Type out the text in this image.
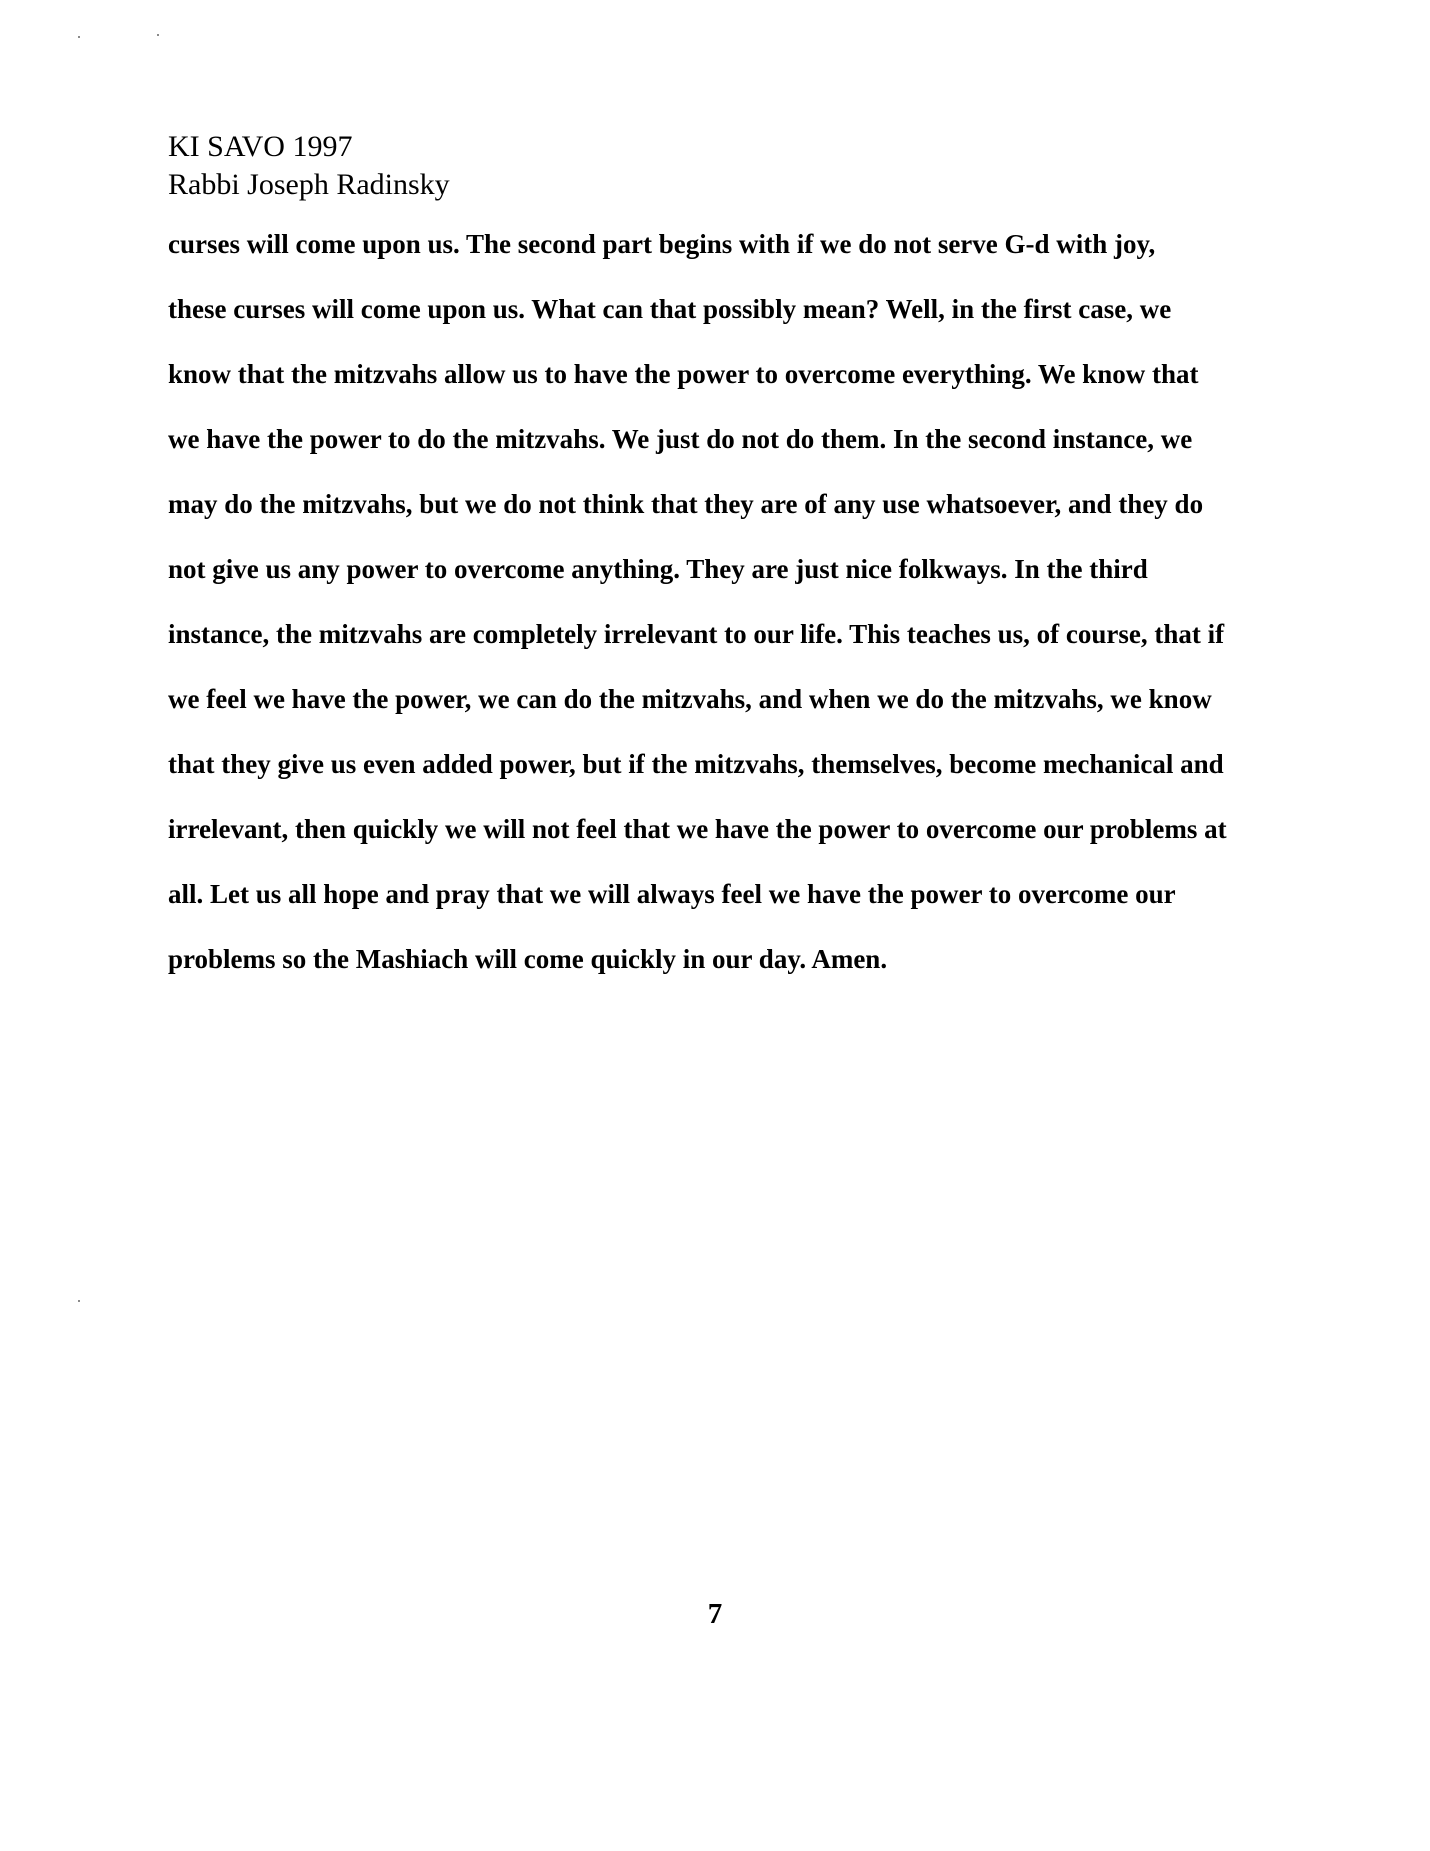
KI SAVO 1997
Rabbi Joseph Radinsky
curses will come upon us. The second part begins with if we do not serve G-d with joy,
these curses will come upon us. What can that possibly mean? Well, in the first case, we
know that the mitzvahs allow us to have the power to overcome everything. We know that
we have the power to do the mitzvahs. We just do not do them. In the second instance, we
may do the mitzvahs, but we do not think that they are of any use whatsoever, and they do
not give us any power to overcome anything. They are just nice folkways. In the third
instance, the mitzvahs are completely irrelevant to our life. This teaches us, of course, that if
we feel we have the power, we can do the mitzvahs, and when we do the mitzvahs, we know
that they give us even added power, but if the mitzvahs, themselves, become mechanical and
irrelevant, then quickly we will not feel that we have the power to overcome our problems at
all. Let us all hope and pray that we will always feel we have the power to overcome our
problems so the Mashiach will come quickly in our day. Amen.
7
